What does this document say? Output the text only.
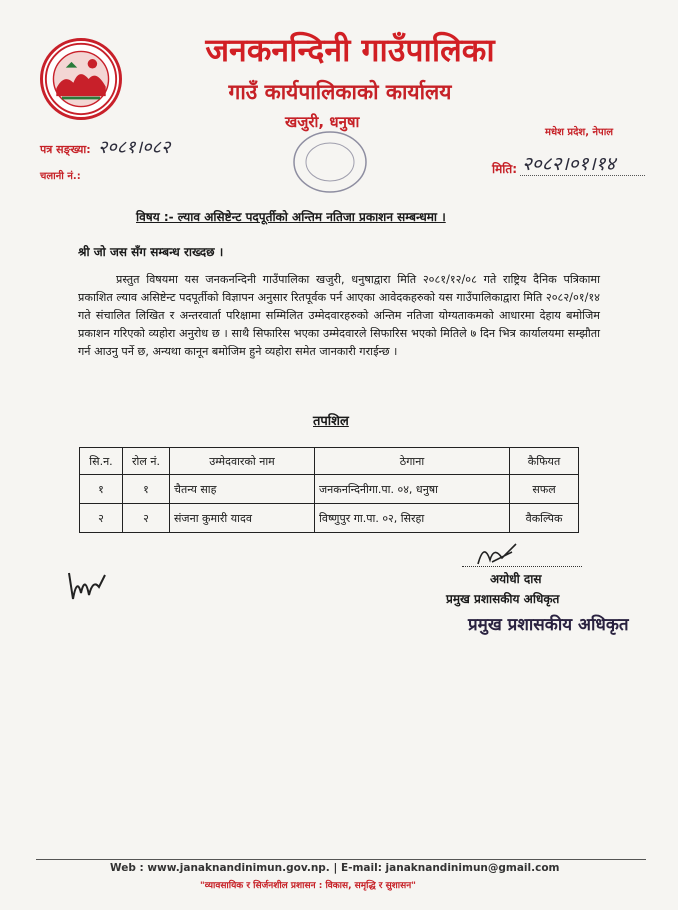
जनकनन्दिनी गाउँपालिका
गाउँ कार्यपालिकाको कार्यालय
खजुरी, धनुषा
मधेश प्रदेश, नेपाल
पत्र सङ्ख्या: २०८१।०८२
चलानी नं.:
मिति: २०८२।०१।१४
विषय :- ल्याव असिष्टेन्ट पदपूर्तीको अन्तिम नतिजा प्रकाशन सम्बन्धमा ।
श्री जो जस सँग सम्बन्ध राख्दछ ।
प्रस्तुत विषयमा यस जनकनन्दिनी गाउँपालिका खजुरी, धनुषाद्वारा मिति २०८१/१२/०८ गते राष्ट्रिय दैनिक पत्रिकामा प्रकाशित ल्याव असिष्टेन्ट पदपूर्तीको विज्ञापन अनुसार रितपूर्वक पर्न आएका आवेदकहरुको यस गाउँपालिकाद्वारा मिति २०८२/०१/१४ गते संचालित लिखित र अन्तरवार्ता परिक्षामा सम्मिलित उम्मेदवारहरुको अन्तिम नतिजा योग्यताकमको आधारमा देहाय बमोजिम प्रकाशन गरिएको व्यहोरा अनुरोध छ । साथै सिफारिस भएका उम्मेदवारले सिफारिस भएको मितिले ७ दिन भित्र कार्यालयमा सम्झौता गर्न आउनु पर्ने छ, अन्यथा कानून बमोजिम हुने व्यहोरा समेत जानकारी गराईन्छ ।
तपशिल
सि.न.	रोल नं.	उम्मेदवारको नाम	ठेगाना	कैफियत
१	१	चैतन्य साह	जनकनन्दिनीगा.पा. ०४, धनुषा	सफल
२	२	संजना कुमारी यादव	विष्णुपुर गा.पा. ०२, सिरहा	वैकल्पिक
अयोधी दास
प्रमुख प्रशासकीय अधिकृत
प्रमुख प्रशासकीय अधिकृत
Web : www.janaknandinimun.gov.np. | E-mail: janaknandinimun@gmail.com
"व्यावसायिक र सिर्जनशील प्रशासन : विकास, समृद्धि र सुशासन"
